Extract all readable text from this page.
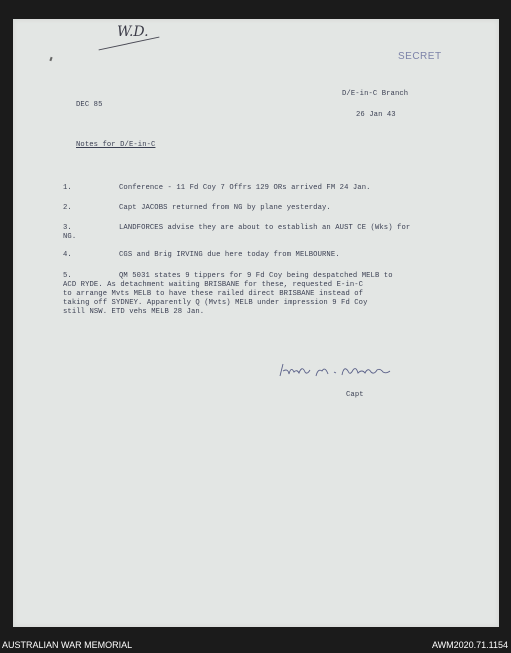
W.D.
SECRET
D/E-in-C Branch
DEC 85
26 Jan 43
Notes for D/E-in-C
1.	Conference - 11 Fd Coy 7 Offrs 129 ORs arrived FM 24 Jan.
2.	Capt JACOBS returned from NG by plane yesterday.
3.	LANDFORCES advise they are about to establish an AUST CE (Wks) for
NG.
4.	CGS and Brig IRVING due here today from MELBOURNE.
5.	QM 5031 states 9 tippers for 9 Fd Coy being despatched MELB to
ACD RYDE. As detachment waiting BRISBANE for these, requested E-in-C
to arrange Mvts MELB to have these railed direct BRISBANE instead of
taking off SYDNEY. Apparently Q (Mvts) MELB under impression 9 Fd Coy
still NSW. ETD vehs MELB 28 Jan.
Capt
AUSTRALIAN WAR MEMORIAL	AWM2020.71.1154
